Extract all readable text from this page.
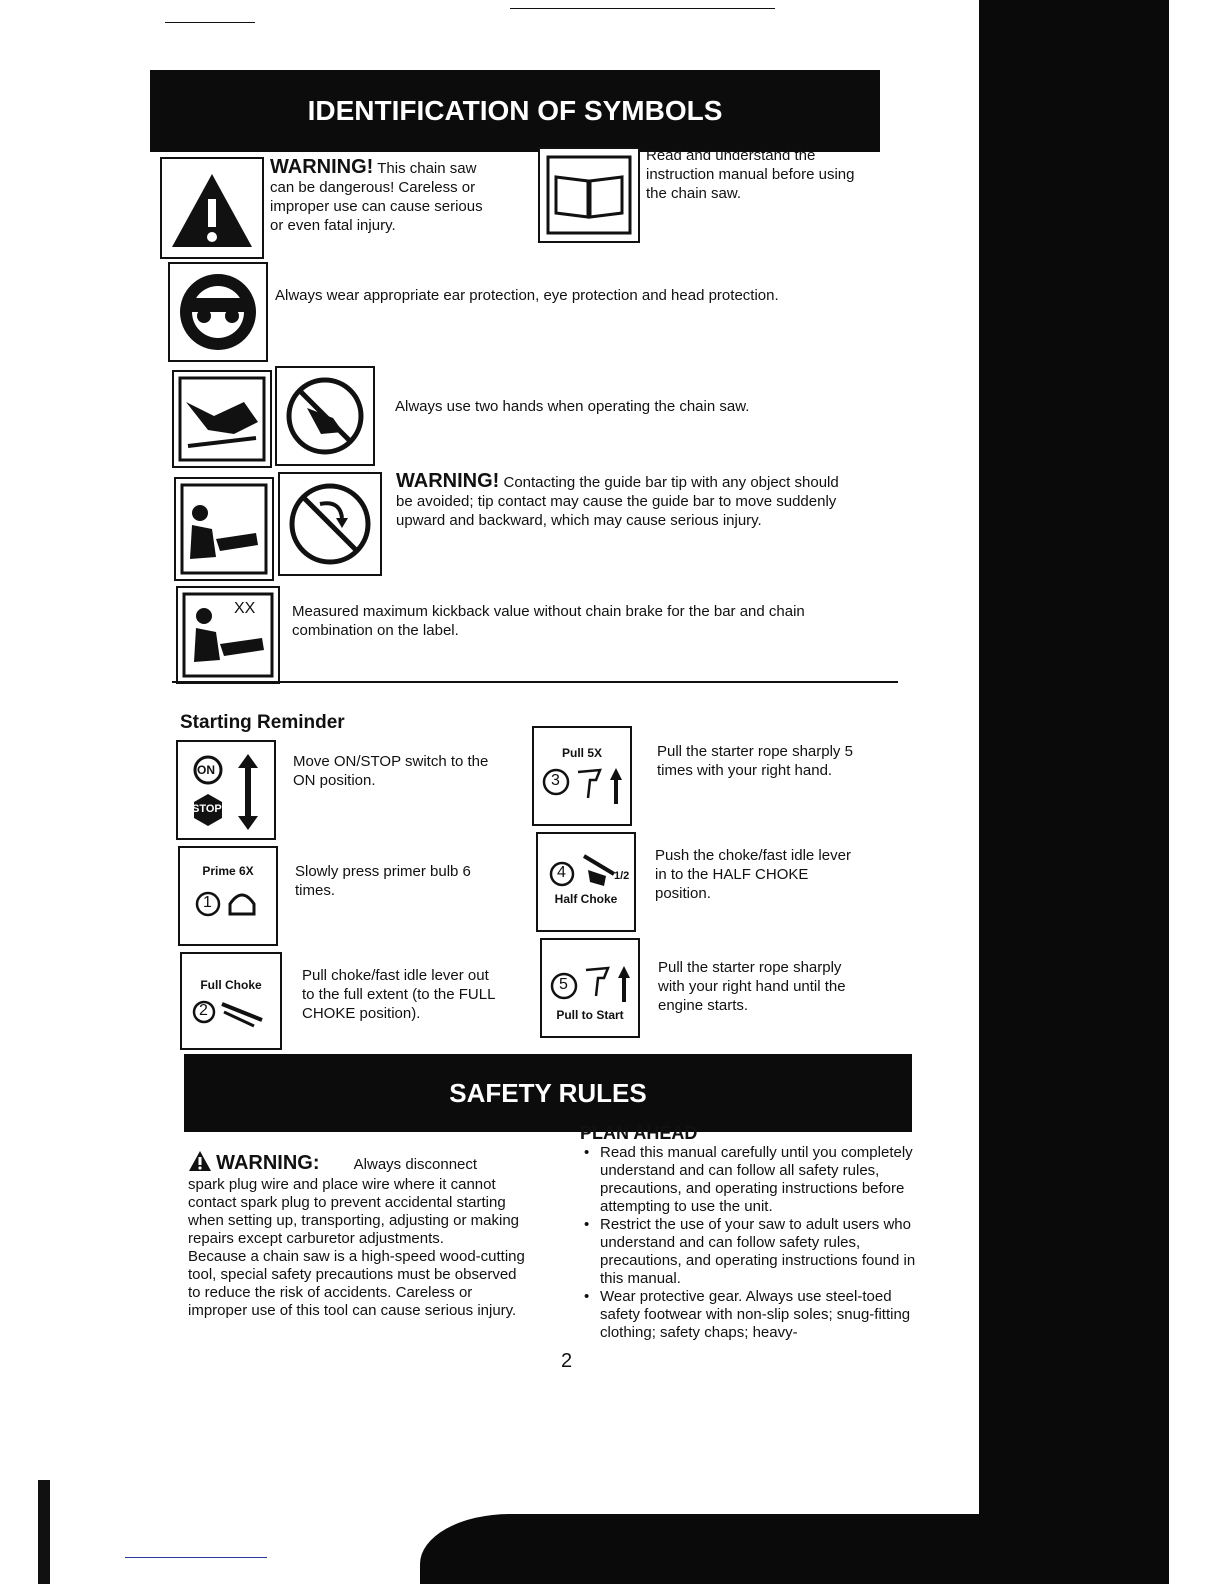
IDENTIFICATION OF SYMBOLS
WARNING! This chain saw can be dangerous! Careless or improper use can cause serious or even fatal injury.
Read and understand the instruction manual before using the chain saw.
Always wear appropriate ear protection, eye protection and head protection.
Always use two hands when operating the chain saw.
WARNING! Contacting the guide bar tip with any object should be avoided; tip contact may cause the guide bar to move suddenly upward and backward, which may cause serious injury.
XX Measured maximum kickback value without chain brake for the bar and chain combination on the label.
Starting Reminder
ON
STOP
Move ON/STOP switch to the ON position.
Prime 6X
1
Slowly press primer bulb 6 times.
Full Choke
2
Pull choke/fast idle lever out to the full extent (to the FULL CHOKE position).
Pull 5X
3
Pull the starter rope sharply 5 times with your right hand.
4	1/2
Half Choke
Push the choke/fast idle lever in to the HALF CHOKE position.
5
Pull to Start
Pull the starter rope sharply with your right hand until the engine starts.
SAFETY RULES
WARNING: Always disconnect
spark plug wire and place wire where it cannot contact spark plug to prevent accidental starting when setting up, transporting, adjusting or making repairs except carburetor adjustments.
Because a chain saw is a high-speed wood-cutting tool, special safety precautions must be observed to reduce the risk of accidents. Careless or improper use of this tool can cause serious injury.
PLAN AHEAD
• Read this manual carefully until you completely understand and can follow all safety rules, precautions, and operating instructions before attempting to use the unit.
• Restrict the use of your saw to adult users who understand and can follow safety rules, precautions, and operating instructions found in this manual.
• Wear protective gear. Always use steel-toed safety footwear with non-slip soles; snug-fitting clothing; safety chaps; heavy-
2
